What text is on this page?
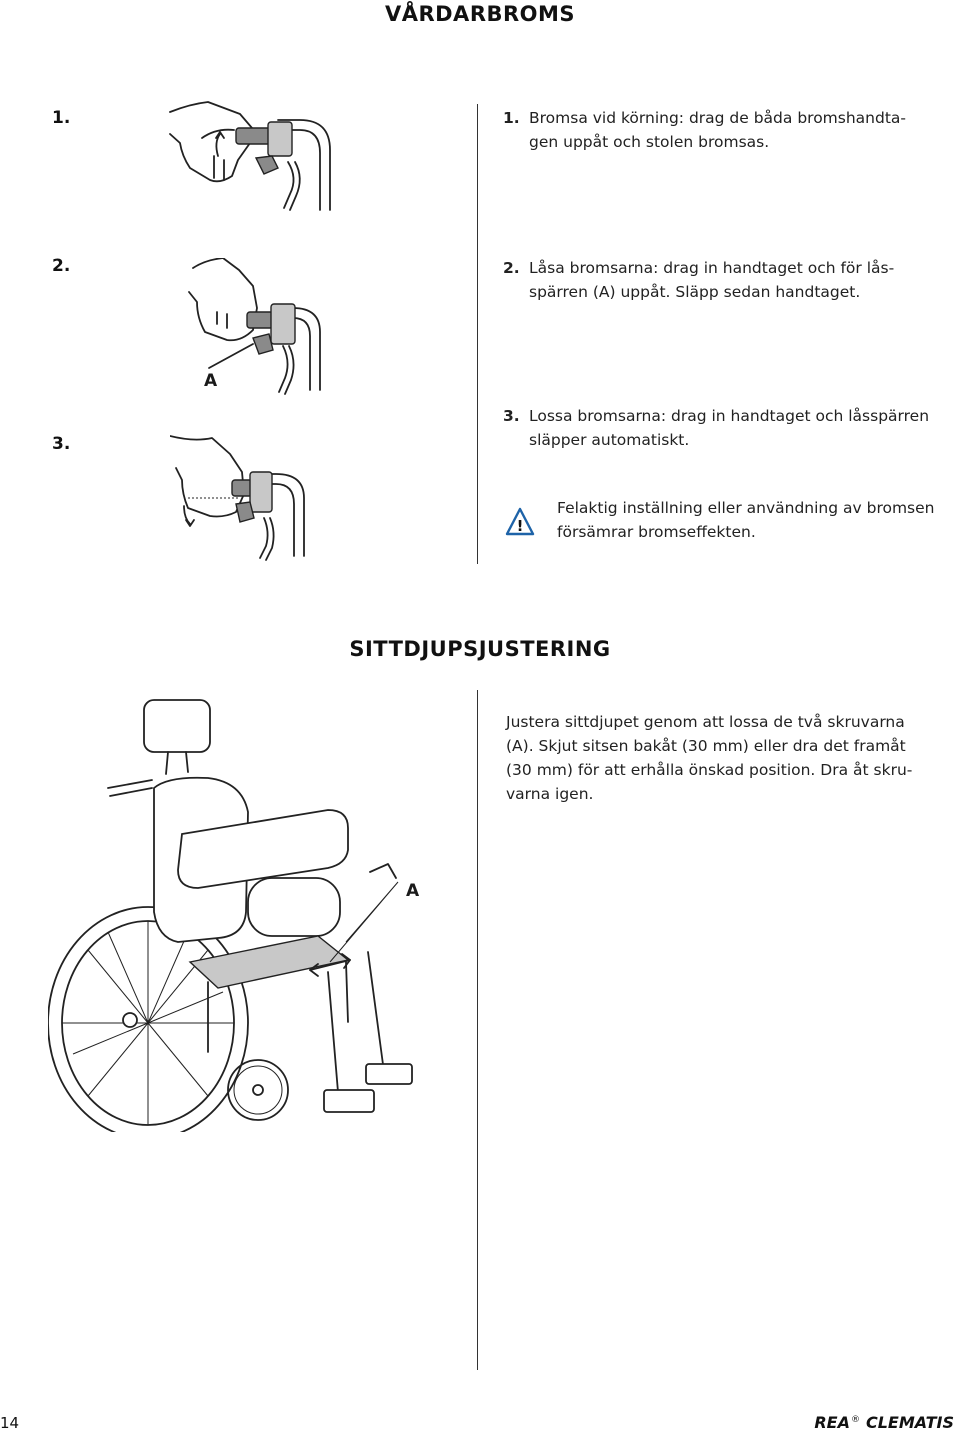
VÅRDARBROMS
1.
2.
3.
A
1. Bromsa vid körning: drag de båda bromshandta-
gen uppåt och stolen bromsas.
2. Låsa bromsarna: drag in handtaget och för lås-
spärren (A) uppåt. Släpp sedan handtaget.
3. Lossa bromsarna: drag in handtaget och låsspärren
släpper automatiskt.
!
Felaktig inställning eller användning av bromsen
försämrar bromseffekten.
SITTDJUPSJUSTERING
Justera sittdjupet genom att lossa de två skruvarna
(A). Skjut sitsen bakåt (30 mm) eller dra det framåt
(30 mm) för att erhålla önskad position. Dra åt skru-
varna igen.
A
14	REA® CLEMATIS
